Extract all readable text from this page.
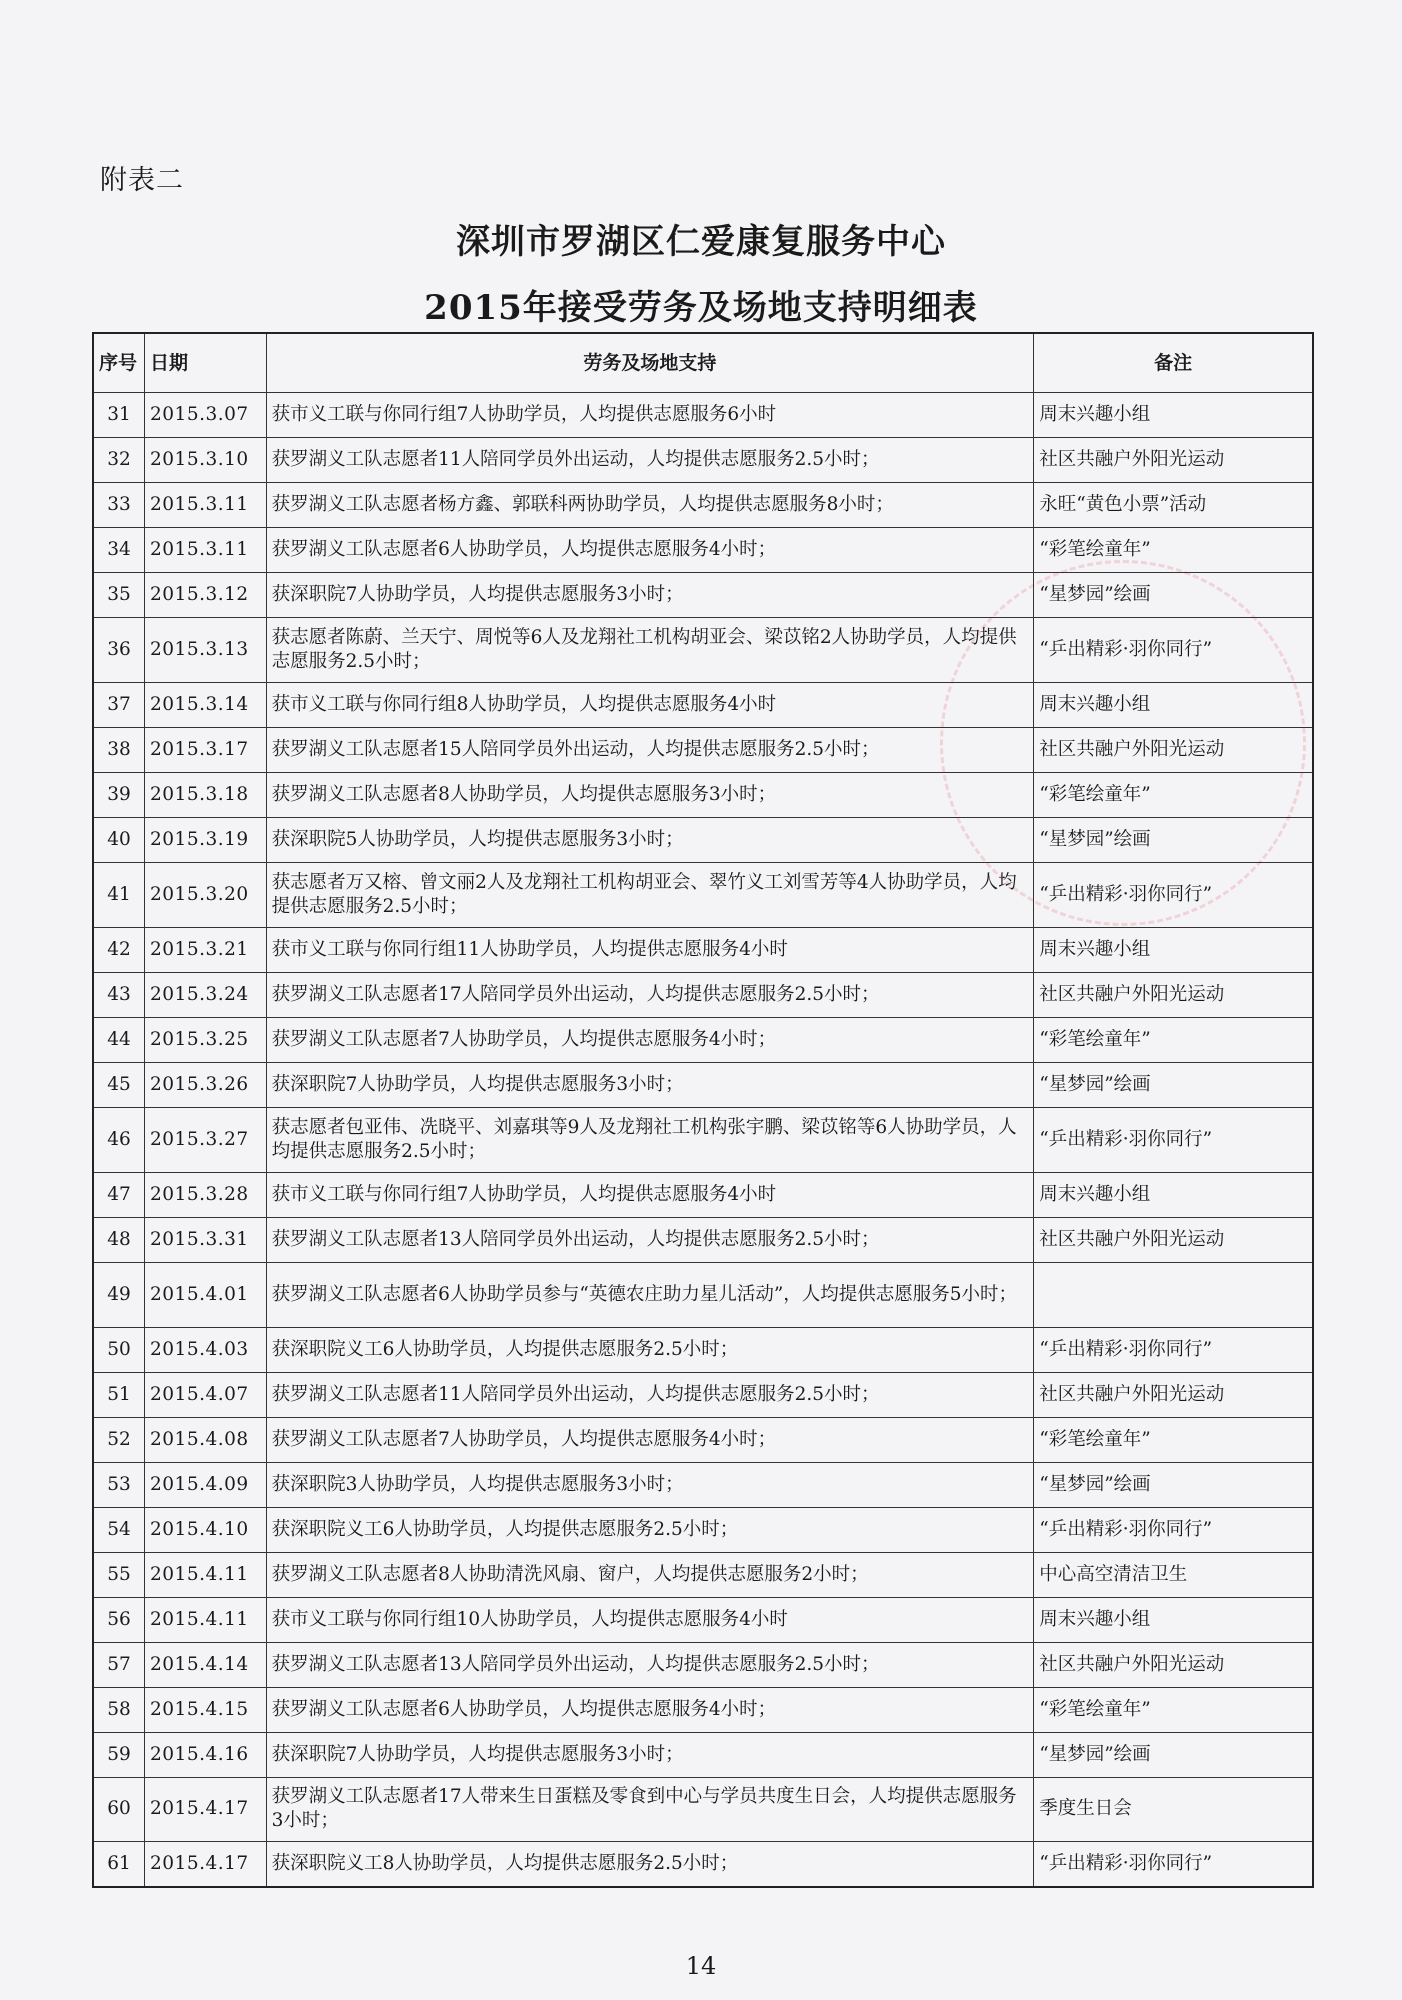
附表二
深圳市罗湖区仁爱康复服务中心
2015年接受劳务及场地支持明细表
序号	日期	劳务及场地支持	备注
31	2015.3.07	获市义工联与你同行组7人协助学员，人均提供志愿服务6小时	周末兴趣小组
32	2015.3.10	获罗湖义工队志愿者11人陪同学员外出运动，人均提供志愿服务2.5小时；	社区共融户外阳光运动
33	2015.3.11	获罗湖义工队志愿者杨方鑫、郭联科两协助学员，人均提供志愿服务8小时；	永旺“黄色小票”活动
34	2015.3.11	获罗湖义工队志愿者6人协助学员，人均提供志愿服务4小时；	“彩笔绘童年”
35	2015.3.12	获深职院7人协助学员，人均提供志愿服务3小时；	“星梦园”绘画
36	2015.3.13	获志愿者陈蔚、兰天宁、周悦等6人及龙翔社工机构胡亚会、梁苡铭2人协助学员，人均提供志愿服务2.5小时；	“乒出精彩·羽你同行”
37	2015.3.14	获市义工联与你同行组8人协助学员，人均提供志愿服务4小时	周末兴趣小组
38	2015.3.17	获罗湖义工队志愿者15人陪同学员外出运动，人均提供志愿服务2.5小时；	社区共融户外阳光运动
39	2015.3.18	获罗湖义工队志愿者8人协助学员，人均提供志愿服务3小时；	“彩笔绘童年”
40	2015.3.19	获深职院5人协助学员，人均提供志愿服务3小时；	“星梦园”绘画
41	2015.3.20	获志愿者万又榕、曾文丽2人及龙翔社工机构胡亚会、翠竹义工刘雪芳等4人协助学员，人均提供志愿服务2.5小时；	“乒出精彩·羽你同行”
42	2015.3.21	获市义工联与你同行组11人协助学员，人均提供志愿服务4小时	周末兴趣小组
43	2015.3.24	获罗湖义工队志愿者17人陪同学员外出运动，人均提供志愿服务2.5小时；	社区共融户外阳光运动
44	2015.3.25	获罗湖义工队志愿者7人协助学员，人均提供志愿服务4小时；	“彩笔绘童年”
45	2015.3.26	获深职院7人协助学员，人均提供志愿服务3小时；	“星梦园”绘画
46	2015.3.27	获志愿者包亚伟、冼晓平、刘嘉琪等9人及龙翔社工机构张宇鹏、梁苡铭等6人协助学员，人均提供志愿服务2.5小时；	“乒出精彩·羽你同行”
47	2015.3.28	获市义工联与你同行组7人协助学员，人均提供志愿服务4小时	周末兴趣小组
48	2015.3.31	获罗湖义工队志愿者13人陪同学员外出运动，人均提供志愿服务2.5小时；	社区共融户外阳光运动
49	2015.4.01	获罗湖义工队志愿者6人协助学员参与“英德农庄助力星儿活动”，人均提供志愿服务5小时；	
50	2015.4.03	获深职院义工6人协助学员，人均提供志愿服务2.5小时；	“乒出精彩·羽你同行”
51	2015.4.07	获罗湖义工队志愿者11人陪同学员外出运动，人均提供志愿服务2.5小时；	社区共融户外阳光运动
52	2015.4.08	获罗湖义工队志愿者7人协助学员，人均提供志愿服务4小时；	“彩笔绘童年”
53	2015.4.09	获深职院3人协助学员，人均提供志愿服务3小时；	“星梦园”绘画
54	2015.4.10	获深职院义工6人协助学员，人均提供志愿服务2.5小时；	“乒出精彩·羽你同行”
55	2015.4.11	获罗湖义工队志愿者8人协助清洗风扇、窗户，人均提供志愿服务2小时；	中心高空清洁卫生
56	2015.4.11	获市义工联与你同行组10人协助学员，人均提供志愿服务4小时	周末兴趣小组
57	2015.4.14	获罗湖义工队志愿者13人陪同学员外出运动，人均提供志愿服务2.5小时；	社区共融户外阳光运动
58	2015.4.15	获罗湖义工队志愿者6人协助学员，人均提供志愿服务4小时；	“彩笔绘童年”
59	2015.4.16	获深职院7人协助学员，人均提供志愿服务3小时；	“星梦园”绘画
60	2015.4.17	获罗湖义工队志愿者17人带来生日蛋糕及零食到中心与学员共度生日会，人均提供志愿服务3小时；	季度生日会
61	2015.4.17	获深职院义工8人协助学员，人均提供志愿服务2.5小时；	“乒出精彩·羽你同行”
14
